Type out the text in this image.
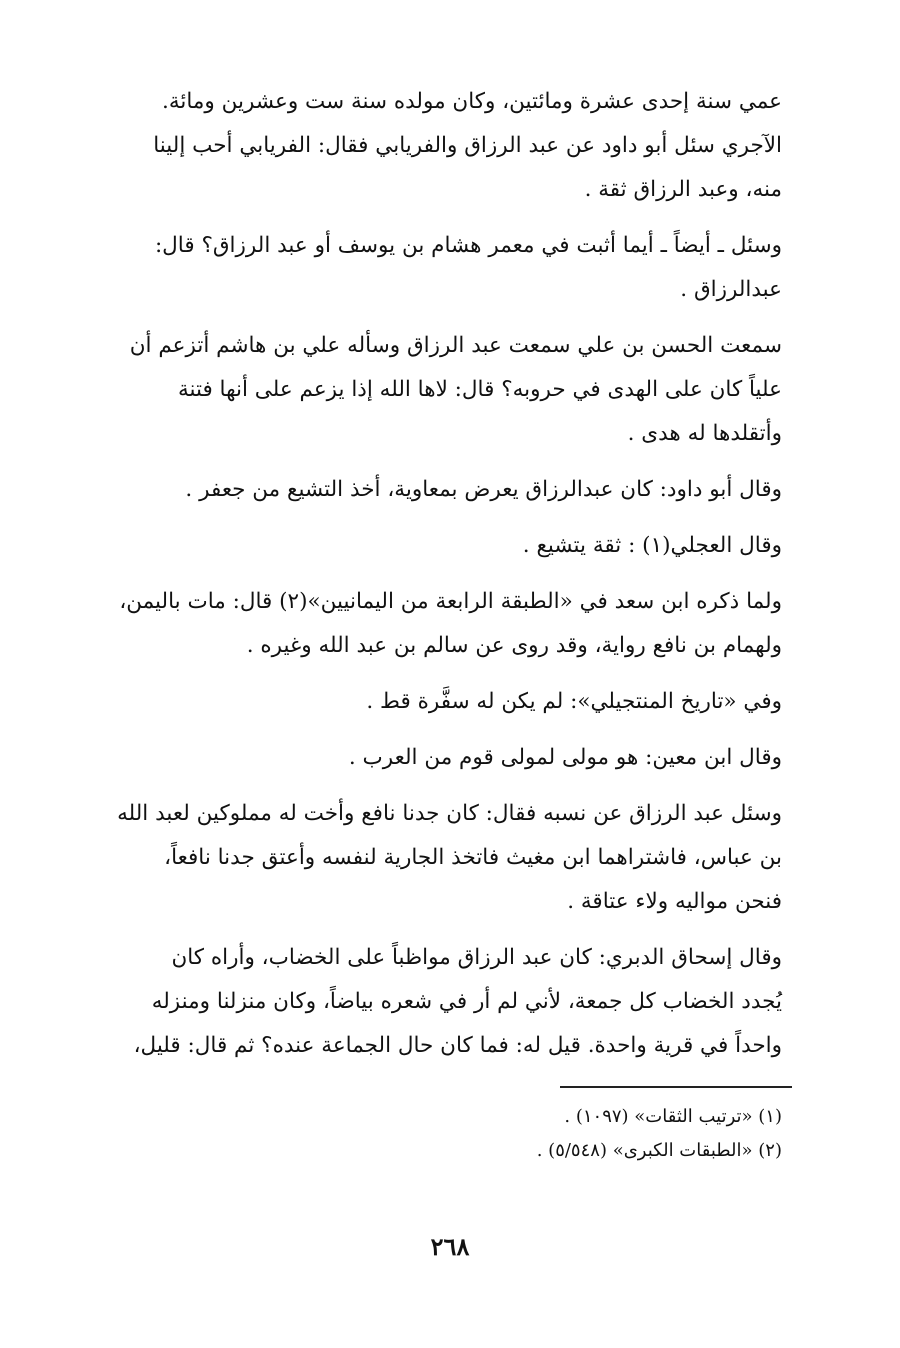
عمي سنة إحدى عشرة ومائتين، وكان مولده سنة ست وعشرين ومائة.
الآجري سئل أبو داود عن عبد الرزاق والفريابي فقال: الفريابي أحب إلينا
منه، وعبد الرزاق ثقة .
وسئل ـ أيضاً ـ أيما أثبت في معمر هشام بن يوسف أو عبد الرزاق؟ قال:
عبدالرزاق .
سمعت الحسن بن علي سمعت عبد الرزاق وسأله علي بن هاشم أتزعم أن
علياً كان على الهدى في حروبه؟ قال: لاها الله إذا يزعم على أنها فتنة
وأتقلدها له هدى .
وقال أبو داود: كان عبدالرزاق يعرض بمعاوية، أخذ التشيع من جعفر .
وقال العجلي(١) : ثقة يتشيع .
ولما ذكره ابن سعد في «الطبقة الرابعة من اليمانيين»(٢) قال: مات باليمن،
ولهمام بن نافع رواية، وقد روى عن سالم بن عبد الله وغيره .
وفي «تاريخ المنتجيلي»: لم يكن له سفَّرة قط .
وقال ابن معين: هو مولى لمولى قوم من العرب .
وسئل عبد الرزاق عن نسبه فقال: كان جدنا نافع وأخت له مملوكين لعبد الله
بن عباس، فاشتراهما ابن مغيث فاتخذ الجارية لنفسه وأعتق جدنا نافعاً،
فنحن مواليه ولاء عتاقة .
وقال إسحاق الدبري: كان عبد الرزاق مواظباً على الخضاب، وأراه كان
يُجدد الخضاب كل جمعة، لأني لم أر في شعره بياضاً، وكان منزلنا ومنزله
واحداً في قرية واحدة. قيل له: فما كان حال الجماعة عنده؟ ثم قال: قليل،
(١) «ترتيب الثقات» (١٠٩٧) .
(٢) «الطبقات الكبرى» (٥/٥٤٨) .
٢٦٨
